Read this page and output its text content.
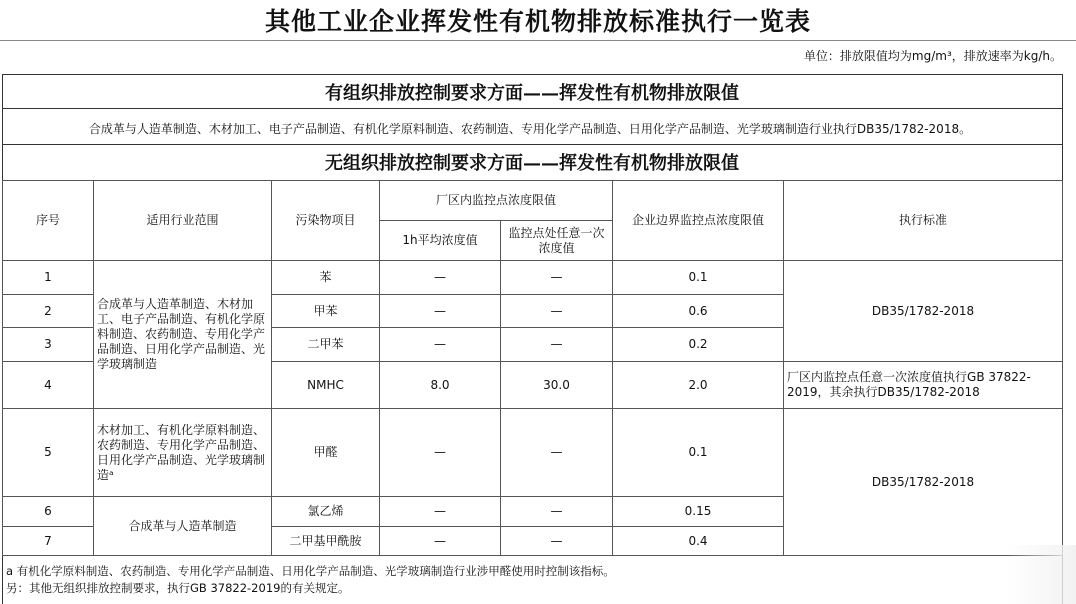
其他工业企业挥发性有机物排放标准执行一览表
单位：排放限值均为mg/m³，排放速率为kg/h。
有组织排放控制要求方面——挥发性有机物排放限值
合成革与人造革制造、木材加工、电子产品制造、有机化学原料制造、农药制造、专用化学产品制造、日用化学产品制造、光学玻璃制造行业执行DB35/1782-2018。
无组织排放控制要求方面——挥发性有机物排放限值
序号	适用行业范围	污染物项目	厂区内监控点浓度限值		企业边界监控点浓度限值	执行标准
			1h平均浓度值	监控点处任意一次浓度值		
1	合成革与人造革制造、木材加工、电子产品制造、有机化学原料制造、农药制造、专用化学产品制造、日用化学产品制造、光学玻璃制造	苯	—	—	0.1	DB35/1782-2018
2		甲苯	—	—	0.6	
3		二甲苯	—	—	0.2	
4		NMHC	8.0	30.0	2.0	厂区内监控点任意一次浓度值执行GB 37822-2019，其余执行DB35/1782-2018
5	木材加工、有机化学原料制造、农药制造、专用化学产品制造、日用化学产品制造、光学玻璃制造ᵃ	甲醛	—	—	0.1	DB35/1782-2018
6	合成革与人造革制造	氯乙烯	—	—	0.15	
7		二甲基甲酰胺	—	—	0.4	
a 有机化学原料制造、农药制造、专用化学产品制造、日用化学产品制造、光学玻璃制造行业涉甲醛使用时控制该指标。
另：其他无组织排放控制要求，执行GB 37822-2019的有关规定。
